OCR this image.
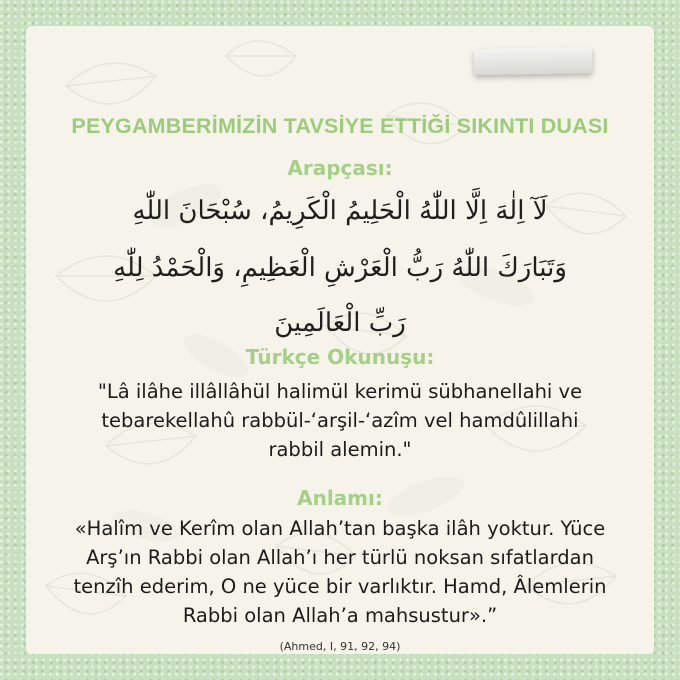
PEYGAMBERİMİZİN TAVSİYE ETTİĞİ SIKINTI DUASI
Arapçası:
لَآ اِلٰهَ اِلَّا اللّٰهُ الْحَلِيمُ الْكَرِيمُ، سُبْحَانَ اللّٰهِ
وَتَبَارَكَ اللّٰهُ رَبُّ الْعَرْشِ الْعَظِيمِ، وَالْحَمْدُ لِلّٰهِ
رَبِّ الْعَالَمِينَ
Türkçe Okunuşu:
"Lâ ilâhe illâllâhül halimül kerimü sübhanellahi ve
tebarekellahû rabbül-‘arşil-‘azîm vel hamdûlillahi
rabbil alemin."
Anlamı:
«Halîm ve Kerîm olan Allah’tan başka ilâh yoktur. Yüce
Arş’ın Rabbi olan Allah’ı her türlü noksan sıfatlardan
tenzîh ederim, O ne yüce bir varlıktır. Hamd, Âlemlerin
Rabbi olan Allah’a mahsustur».”
(Ahmed, I, 91, 92, 94)
